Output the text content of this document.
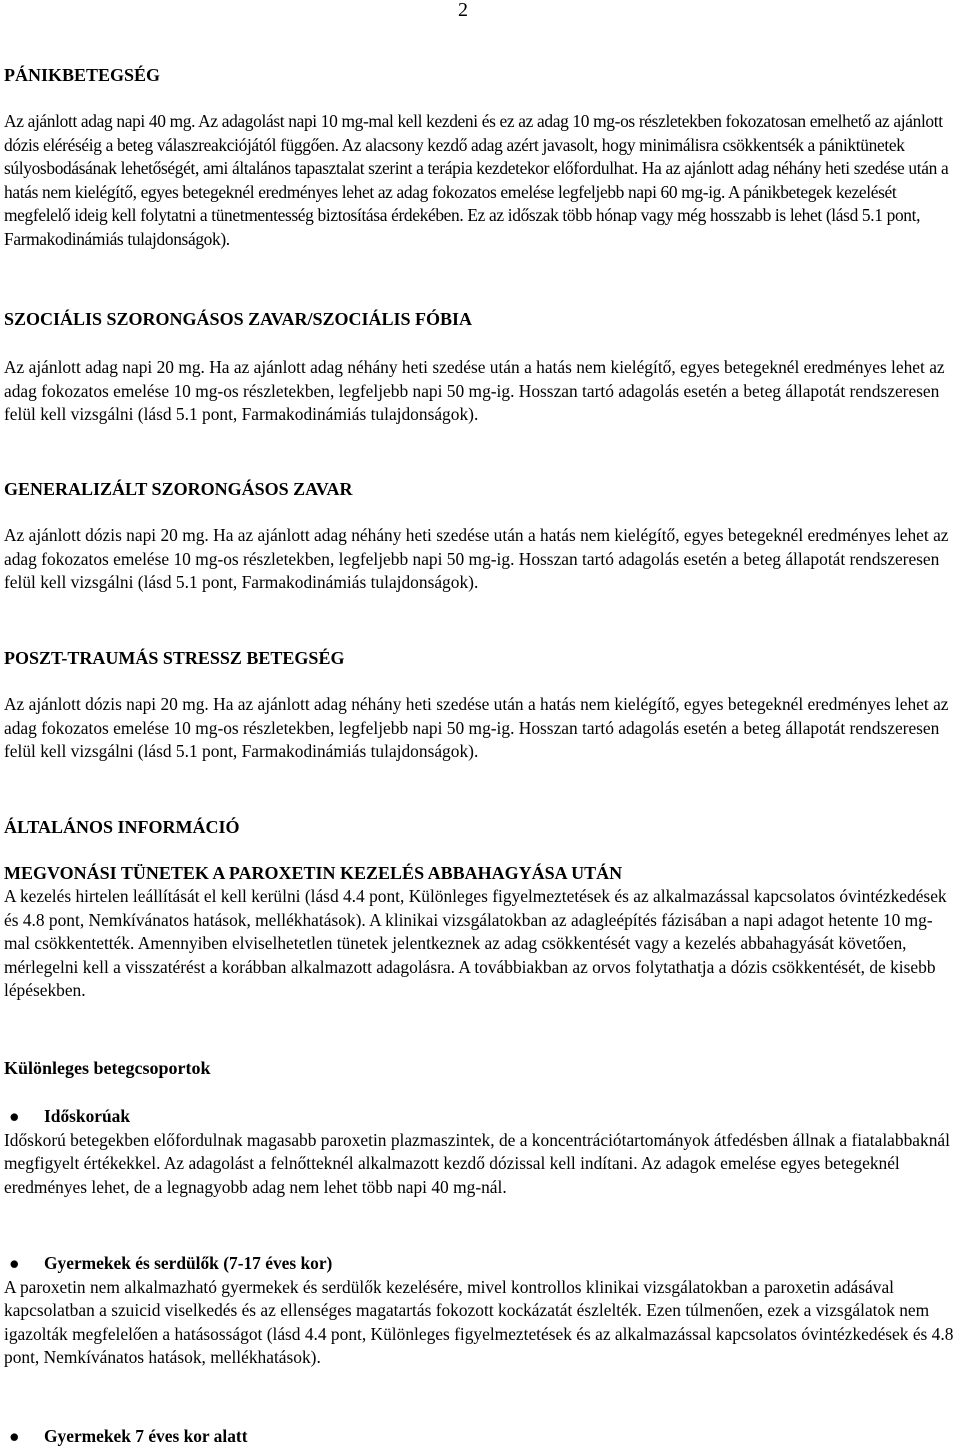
2
PÁNIKBETEGSÉG

Az ajánlott adag napi 40 mg. Az adagolást napi 10 mg-mal kell kezdeni és ez az adag 10 mg-os részletekben fokozatosan emelhető az ajánlott dózis eléréséig a beteg válaszreakciójától függően. Az alacsony kezdő adag azért javasolt, hogy minimálisra csökkentsék a pániktünetek súlyosbodásának lehetőségét, ami általános tapasztalat szerint a terápia kezdetekor előfordulhat. Ha az ajánlott adag néhány heti szedése után a hatás nem kielégítő, egyes betegeknél eredményes lehet az adag fokozatos emelése legfeljebb napi 60 mg-ig. A pánikbetegek kezelését megfelelő ideig kell folytatni a tünetmentesség biztosítása érdekében. Ez az időszak több hónap vagy még hosszabb is lehet (lásd 5.1 pont, Farmakodinámiás tulajdonságok).

SZOCIÁLIS SZORONGÁSOS ZAVAR/SZOCIÁLIS FÓBIA

Az ajánlott adag napi 20 mg. Ha az ajánlott adag néhány heti szedése után a hatás nem kielégítő, egyes betegeknél eredményes lehet az adag fokozatos emelése 10 mg-os részletekben, legfeljebb napi 50 mg-ig. Hosszan tartó adagolás esetén a beteg állapotát rendszeresen felül kell vizsgálni (lásd 5.1 pont, Farmakodinámiás tulajdonságok).

GENERALIZÁLT SZORONGÁSOS ZAVAR

Az ajánlott dózis napi 20 mg. Ha az ajánlott adag néhány heti szedése után a hatás nem kielégítő, egyes betegeknél eredményes lehet az adag fokozatos emelése 10 mg-os részletekben, legfeljebb napi 50 mg-ig. Hosszan tartó adagolás esetén a beteg állapotát rendszeresen felül kell vizsgálni (lásd 5.1 pont, Farmakodinámiás tulajdonságok).

POSZT-TRAUMÁS STRESSZ BETEGSÉG

Az ajánlott dózis napi 20 mg. Ha az ajánlott adag néhány heti szedése után a hatás nem kielégítő, egyes betegeknél eredményes lehet az adag fokozatos emelése 10 mg-os részletekben, legfeljebb napi 50 mg-ig. Hosszan tartó adagolás esetén a beteg állapotát rendszeresen felül kell vizsgálni (lásd 5.1 pont, Farmakodinámiás tulajdonságok).

ÁLTALÁNOS INFORMÁCIÓ
MEGVONÁSI TÜNETEK A PAROXETIN KEZELÉS ABBAHAGYÁSA UTÁN

A kezelés hirtelen leállítását el kell kerülni (lásd 4.4 pont, Különleges figyelmeztetések és az alkalmazással kapcsolatos óvintézkedések és 4.8 pont, Nemkívánatos hatások, mellékhatások). A klinikai vizsgálatokban az adagleépítés fázisában a napi adagot hetente 10 mg-mal csökkentették. Amennyiben elviselhetetlen tünetek jelentkeznek az adag csökkentését vagy a kezelés abbahagyását követően, mérlegelni kell a visszatérést a korábban alkalmazott adagolásra. A továbbiakban az orvos folytathatja a dózis csökkentését, de kisebb lépésekben.

Különleges betegcsoportok
●	Időskorúak

Időskorú betegekben előfordulnak magasabb paroxetin plazmaszintek, de a koncentrációtartományok átfedésben állnak a fiatalabbaknál megfigyelt értékekkel. Az adagolást a felnőtteknél alkalmazott kezdő dózissal kell indítani. Az adagok emelése egyes betegeknél eredményes lehet, de a legnagyobb adag nem lehet több napi 40 mg-nál.

●	Gyermekek és serdülők (7-17 éves kor)

A paroxetin nem alkalmazható gyermekek és serdülők kezelésére, mivel kontrollos klinikai vizsgálatokban a paroxetin adásával kapcsolatban a szuicid viselkedés és az ellenséges magatartás fokozott kockázatát észlelték. Ezen túlmenően, ezek a vizsgálatok nem igazolták megfelelően a hatásosságot (lásd 4.4 pont, Különleges figyelmeztetések és az alkalmazással kapcsolatos óvintézkedések és 4.8 pont, Nemkívánatos hatások, mellékhatások).

●	Gyermekek 7 éves kor alatt
